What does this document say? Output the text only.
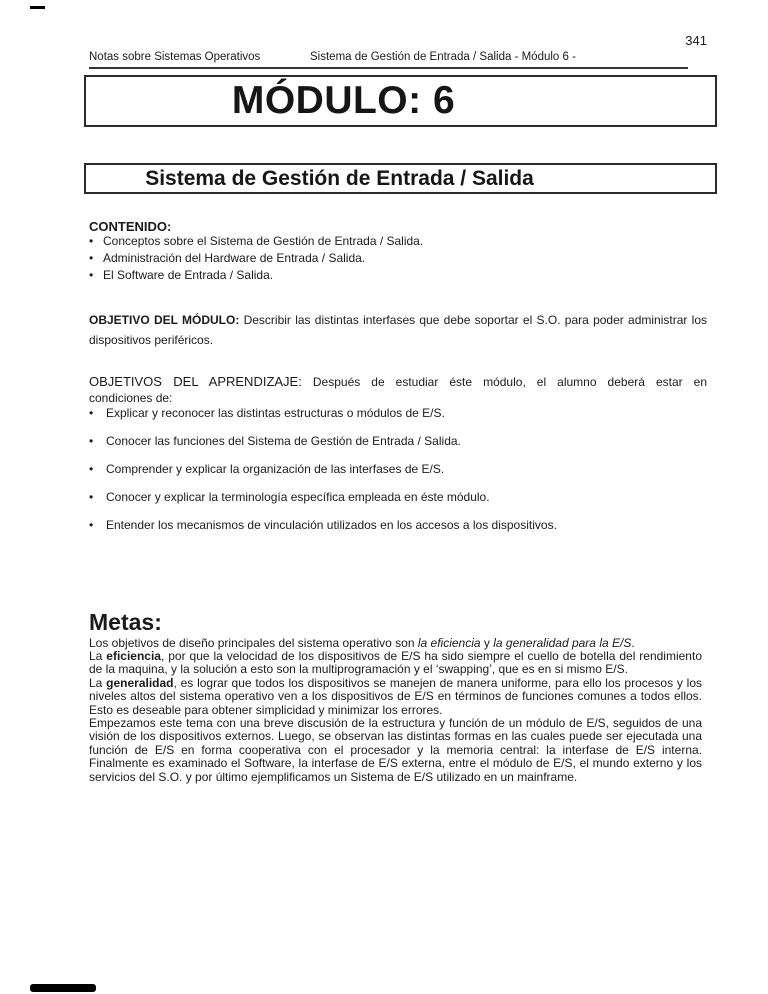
341
Notas sobre Sistemas Operativos	Sistema de Gestión de Entrada / Salida - Módulo 6 -
MÓDULO: 6
Sistema de Gestión de Entrada / Salida
CONTENIDO:
• Conceptos sobre el Sistema de Gestión de Entrada / Salida.
• Administración del Hardware de Entrada / Salida.
• El Software de Entrada / Salida.
OBJETIVO DEL MÓDULO: Describir las distintas interfases que debe soportar el S.O. para poder administrar los dispositivos periféricos.
OBJETIVOS DEL APRENDIZAJE: Después de estudiar éste módulo, el alumno deberá estar en
condiciones de:
•	Explicar y reconocer las distintas estructuras o módulos de E/S.
•	Conocer las funciones del Sistema de Gestión de Entrada / Salida.
•	Comprender y explicar la organización de las interfases de E/S.
•	Conocer y explicar la terminología específica empleada en éste módulo.
•	Entender los mecanismos de vinculación utilizados en los accesos a los dispositivos.
Metas:
Los objetivos de diseño principales del sistema operativo son la eficiencia y la generalidad para la E/S.
La eficiencia, por que la velocidad de los dispositivos de E/S ha sido siempre el cuello de botella del rendimiento de la maquina, y la solución a esto son la multiprogramación y el ‘swapping’, que es en si mismo E/S.
La generalidad, es lograr que todos los dispositivos se manejen de manera uniforme, para ello los procesos y los niveles altos del sistema operativo ven a los dispositivos de E/S en términos de funciones comunes a todos ellos. Esto es deseable para obtener simplicidad y minimizar los errores.
Empezamos este tema con una breve discusión de la estructura y función de un módulo de E/S, seguidos de una visión de los dispositivos externos. Luego, se observan las distintas formas en las cuales puede ser ejecutada una función de E/S en forma cooperativa con el procesador y la memoria central: la interfase de E/S interna. Finalmente es examinado el Software, la interfase de E/S externa, entre el módulo de E/S, el mundo externo y los servicios del S.O. y por último ejemplificamos un Sistema de E/S utilizado en un mainframe.
